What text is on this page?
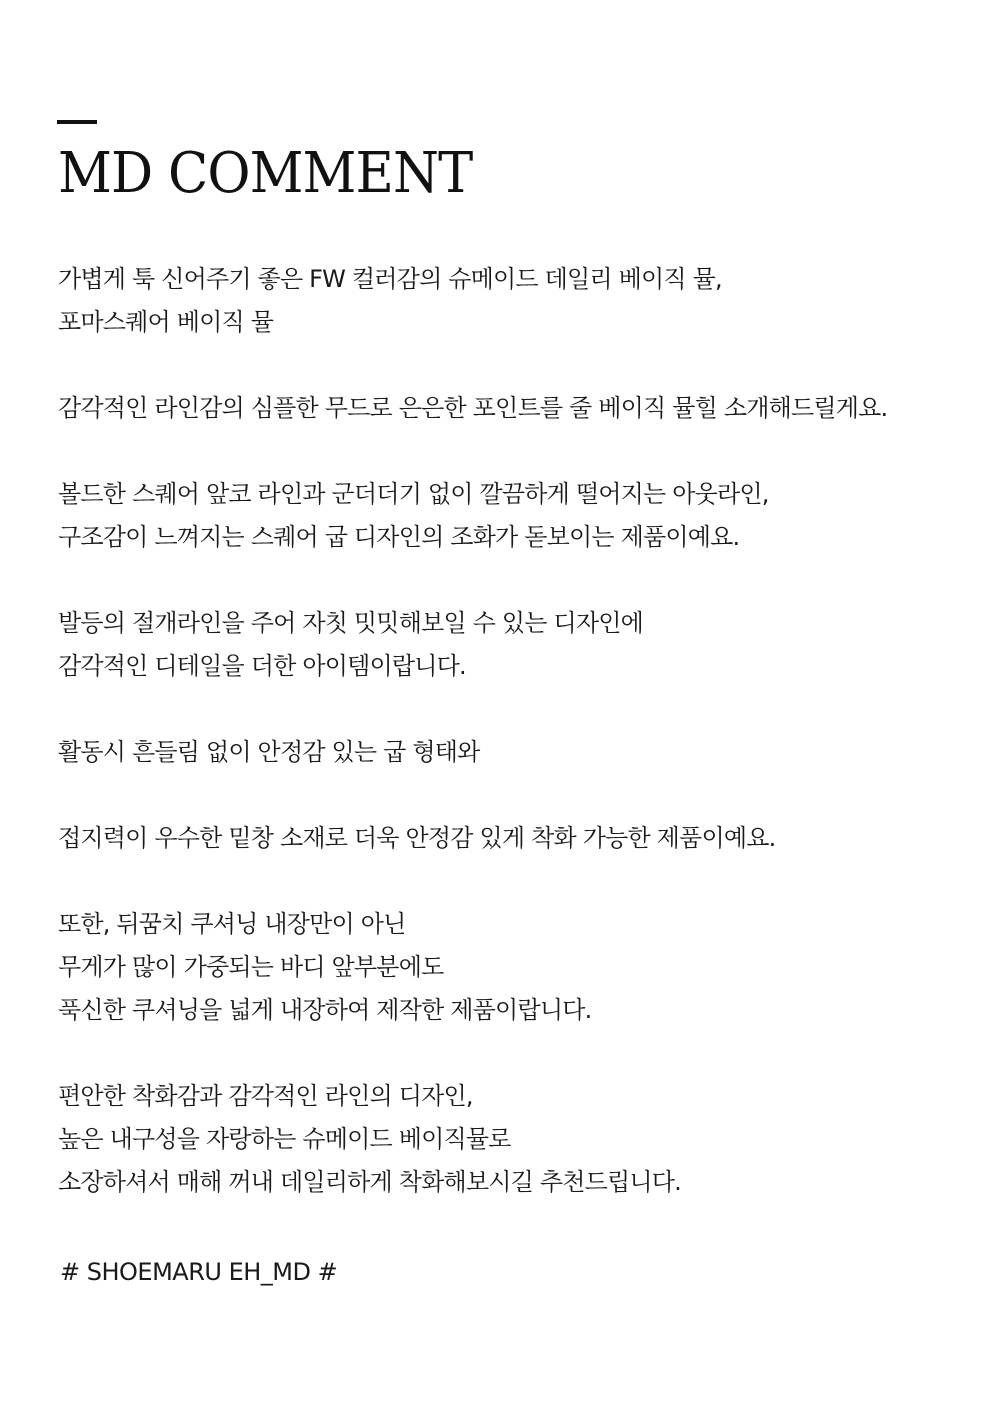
MD COMMENT

가볍게 툭 신어주기 좋은 FW 컬러감의 슈메이드 데일리 베이직 뮬,
포마스퀘어 베이직 뮬

감각적인 라인감의 심플한 무드로 은은한 포인트를 줄 베이직 뮬힐 소개해드릴게요.

볼드한 스퀘어 앞코 라인과 군더더기 없이 깔끔하게 떨어지는 아웃라인,
구조감이 느껴지는 스퀘어 굽 디자인의 조화가 돋보이는 제품이예요.

발등의 절개라인을 주어 자칫 밋밋해보일 수 있는 디자인에
감각적인 디테일을 더한 아이템이랍니다.

활동시 흔들림 없이 안정감 있는 굽 형태와

접지력이 우수한 밑창 소재로 더욱 안정감 있게 착화 가능한 제품이예요.

또한, 뒤꿈치 쿠셔닝 내장만이 아닌
무게가 많이 가중되는 바디 앞부분에도
푹신한 쿠셔닝을 넓게 내장하여 제작한 제품이랍니다.

편안한 착화감과 감각적인 라인의 디자인,
높은 내구성을 자랑하는 슈메이드 베이직뮬로
소장하셔서 매해 꺼내 데일리하게 착화해보시길 추천드립니다.

# SHOEMARU EH_MD #
